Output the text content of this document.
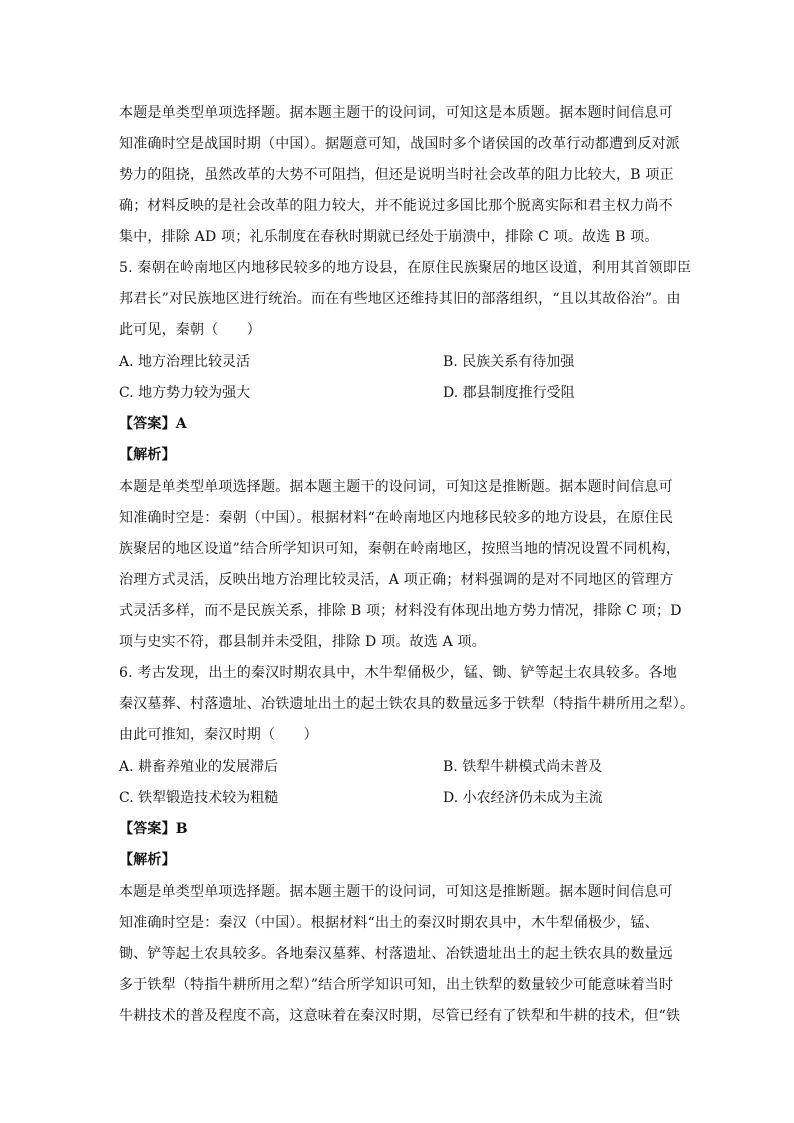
本题是单类型单项选择题。据本题主题干的设问词，可知这是本质题。据本题时间信息可
知准确时空是战国时期（中国）。据题意可知，战国时多个诸侯国的改革行动都遭到反对派
势力的阻挠，虽然改革的大势不可阻挡，但还是说明当时社会改革的阻力比较大，B 项正
确；材料反映的是社会改革的阻力较大，并不能说过多国比那个脱离实际和君主权力尚不
集中，排除 AD 项；礼乐制度在春秋时期就已经处于崩溃中，排除 C 项。故选 B 项。
5. 秦朝在岭南地区内地移民较多的地方设县，在原住民族聚居的地区设道，利用其首领即臣
邦君长”对民族地区进行统治。而在有些地区还维持其旧的部落组织，“且以其故俗治”。由
此可见，秦朝（　　）
A. 地方治理比较灵活	B. 民族关系有待加强
C. 地方势力较为强大	D. 郡县制度推行受阻
【答案】A
【解析】
本题是单类型单项选择题。据本题主题干的设问词，可知这是推断题。据本题时间信息可
知准确时空是：秦朝（中国）。根据材料“在岭南地区内地移民较多的地方设县，在原住民
族聚居的地区设道”结合所学知识可知，秦朝在岭南地区，按照当地的情况设置不同机构，
治理方式灵活，反映出地方治理比较灵活，A 项正确；材料强调的是对不同地区的管理方
式灵活多样，而不是民族关系，排除 B 项；材料没有体现出地方势力情况，排除 C 项；D
项与史实不符，郡县制并未受阻，排除 D 项。故选 A 项。
6. 考古发现，出土的秦汉时期农具中，木牛犁俑极少，锰、锄、铲等起土农具较多。各地
秦汉墓葬、村落遗址、冶铁遗址出土的起土铁农具的数量远多于铁犁（特指牛耕所用之犁）。
由此可推知，秦汉时期（　　）
A. 耕畜养殖业的发展滞后	B. 铁犁牛耕模式尚未普及
C. 铁犁锻造技术较为粗糙	D. 小农经济仍未成为主流
【答案】B
【解析】
本题是单类型单项选择题。据本题主题干的设问词，可知这是推断题。据本题时间信息可
知准确时空是：秦汉（中国）。根据材料“出土的秦汉时期农具中，木牛犁俑极少，锰、
锄、铲等起土农具较多。各地秦汉墓葬、村落遗址、冶铁遗址出土的起土铁农具的数量远
多于铁犁（特指牛耕所用之犁）”结合所学知识可知，出土铁犁的数量较少可能意味着当时
牛耕技术的普及程度不高，这意味着在秦汉时期，尽管已经有了铁犁和牛耕的技术，但“铁
